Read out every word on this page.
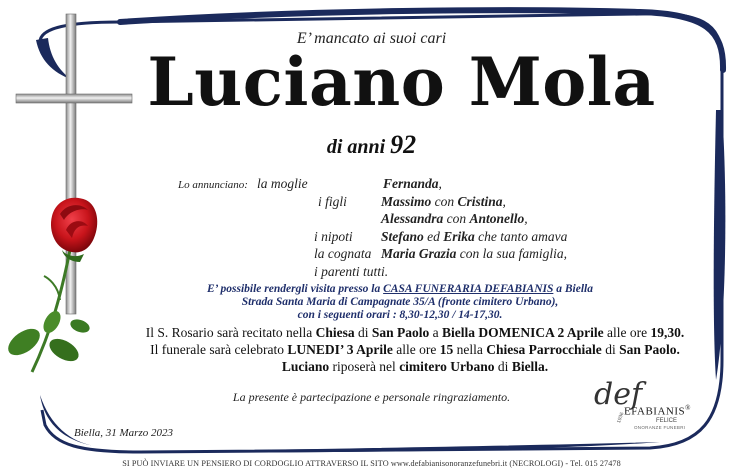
E’ mancato ai suoi cari
Luciano Mola
di anni 92
Lo annunciano: la moglie	Fernanda,
i figli	Massimo con Cristina,
Alessandra con Antonello,
i nipoti Stefano ed Erika che tanto amava
la cognata Maria Grazia con la sua famiglia,
i parenti tutti.
E’ possibile rendergli visita presso la CASA FUNERARIA DEFABIANIS a Biella
Strada Santa Maria di Campagnate 35/A (fronte cimitero Urbano),
con i seguenti orari : 8,30-12,30 / 14-17,30.
Il S. Rosario sarà recitato nella Chiesa di San Paolo a Biella DOMENICA 2 Aprile alle ore 19,30.
Il funerale sarà celebrato LUNEDI’ 3 Aprile alle ore 15 nella Chiesa Parrocchiale di San Paolo.
Luciano riposerà nel cimitero Urbano di Biella.
La presente è partecipazione e personale ringraziamento.
Biella, 31 Marzo 2023
def
EFABIANIS®
FELICE
ONORANZE FUNEBRI
1936
SI PUÒ INVIARE UN PENSIERO DI CORDOGLIO ATTRAVERSO IL SITO www.defabianisonoranzefunebri.it (NECROLOGI) - Tel. 015 27478
